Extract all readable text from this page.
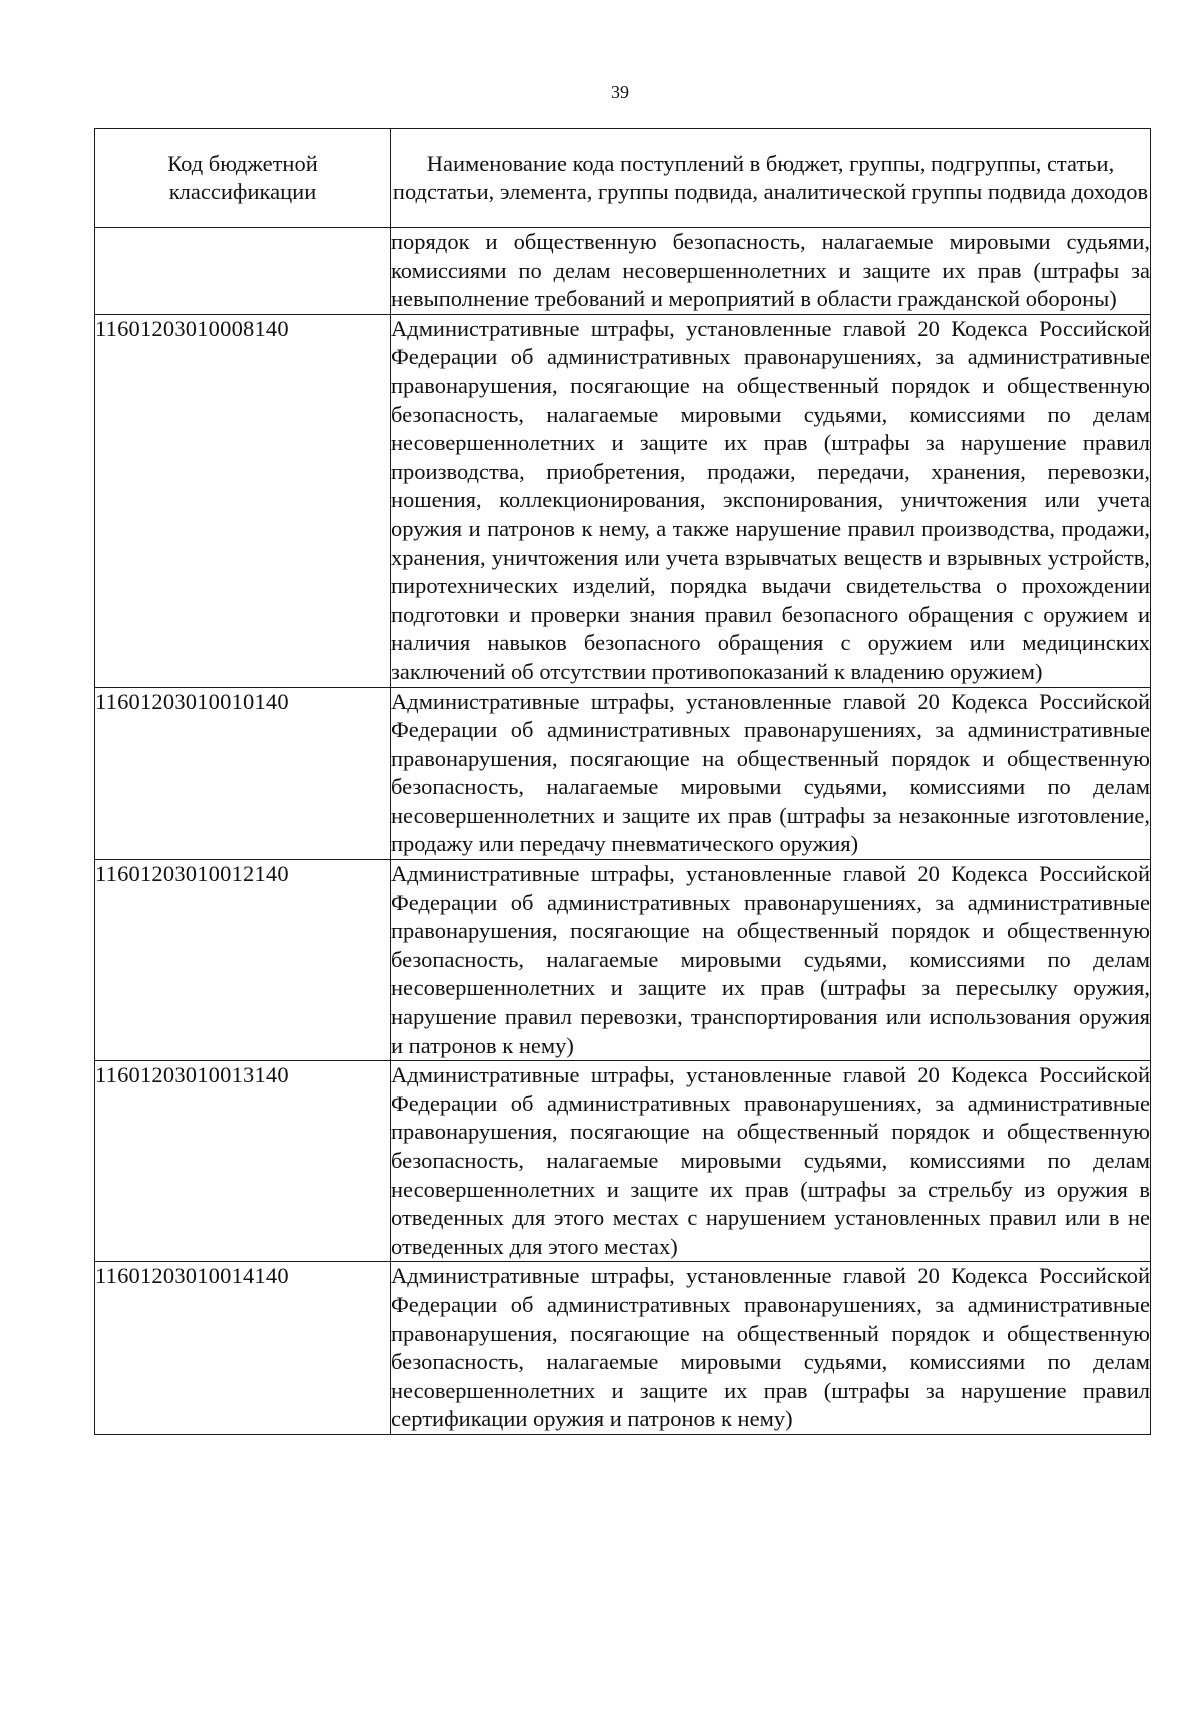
39
Код бюджетной классификации	Наименование кода поступлений в бюджет, группы, подгруппы, статьи, подстатьи, элемента, группы подвида, аналитической группы подвида доходов
	порядок и общественную безопасность, налагаемые мировыми судьями, комиссиями по делам несовершеннолетних и защите их прав (штрафы за невыполнение требований и мероприятий в области гражданской обороны)
11601203010008140	Административные штрафы, установленные главой 20 Кодекса Российской Федерации об административных правонарушениях, за административные правонарушения, посягающие на общественный порядок и общественную безопасность, налагаемые мировыми судьями, комиссиями по делам несовершеннолетних и защите их прав (штрафы за нарушение правил производства, приобретения, продажи, передачи, хранения, перевозки, ношения, коллекционирования, экспонирования, уничтожения или учета оружия и патронов к нему, а также нарушение правил производства, продажи, хранения, уничтожения или учета взрывчатых веществ и взрывных устройств, пиротехнических изделий, порядка выдачи свидетельства о прохождении подготовки и проверки знания правил безопасного обращения с оружием и наличия навыков безопасного обращения с оружием или медицинских заключений об отсутствии противопоказаний к владению оружием)
11601203010010140	Административные штрафы, установленные главой 20 Кодекса Российской Федерации об административных правонарушениях, за административные правонарушения, посягающие на общественный порядок и общественную безопасность, налагаемые мировыми судьями, комиссиями по делам несовершеннолетних и защите их прав (штрафы за незаконные изготовление, продажу или передачу пневматического оружия)
11601203010012140	Административные штрафы, установленные главой 20 Кодекса Российской Федерации об административных правонарушениях, за административные правонарушения, посягающие на общественный порядок и общественную безопасность, налагаемые мировыми судьями, комиссиями по делам несовершеннолетних и защите их прав (штрафы за пересылку оружия, нарушение правил перевозки, транспортирования или использования оружия и патронов к нему)
11601203010013140	Административные штрафы, установленные главой 20 Кодекса Российской Федерации об административных правонарушениях, за административные правонарушения, посягающие на общественный порядок и общественную безопасность, налагаемые мировыми судьями, комиссиями по делам несовершеннолетних и защите их прав (штрафы за стрельбу из оружия в отведенных для этого местах с нарушением установленных правил или в не отведенных для этого местах)
11601203010014140	Административные штрафы, установленные главой 20 Кодекса Российской Федерации об административных правонарушениях, за административные правонарушения, посягающие на общественный порядок и общественную безопасность, налагаемые мировыми судьями, комиссиями по делам несовершеннолетних и защите их прав (штрафы за нарушение правил сертификации оружия и патронов к нему)
